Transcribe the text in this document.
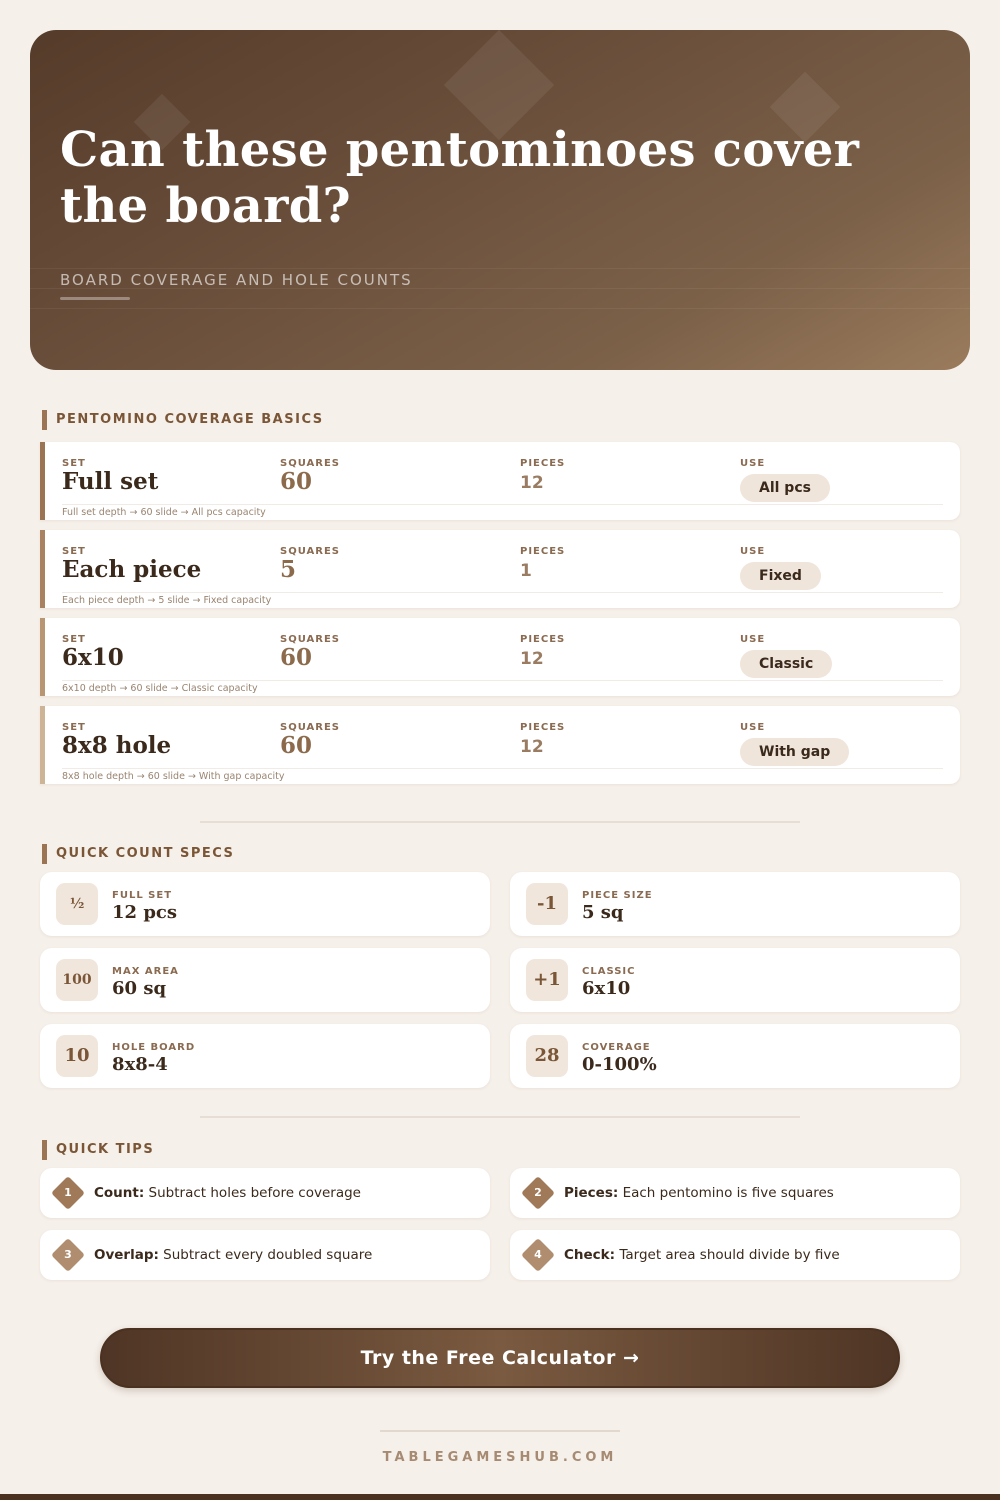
Can these pentominoes cover the board?
BOARD COVERAGE AND HOLE COUNTS
PENTOMINO COVERAGE BASICS
SET	SQUARES	PIECES	USE
Full set	60	12	All pcs
Full set depth → 60 slide → All pcs capacity
SET	SQUARES	PIECES	USE
Each piece	5	1	Fixed
Each piece depth → 5 slide → Fixed capacity
SET	SQUARES	PIECES	USE
6x10	60	12	Classic
6x10 depth → 60 slide → Classic capacity
SET	SQUARES	PIECES	USE
8x8 hole	60	12	With gap
8x8 hole depth → 60 slide → With gap capacity
QUICK COUNT SPECS
½
FULL SET
12 pcs	-1	PIECE SIZE
5 sq
100
MAX AREA
60 sq	+1	CLASSIC
6x10
10	HOLE BOARD
8x8-4	28	COVERAGE
0-100%
QUICK TIPS
1	Count: Subtract holes before coverage	2	Pieces: Each pentomino is five squares
3	Overlap: Subtract every doubled square	4	Check: Target area should divide by five
Try the Free Calculator →
TABLEGAMESHUB.COM
